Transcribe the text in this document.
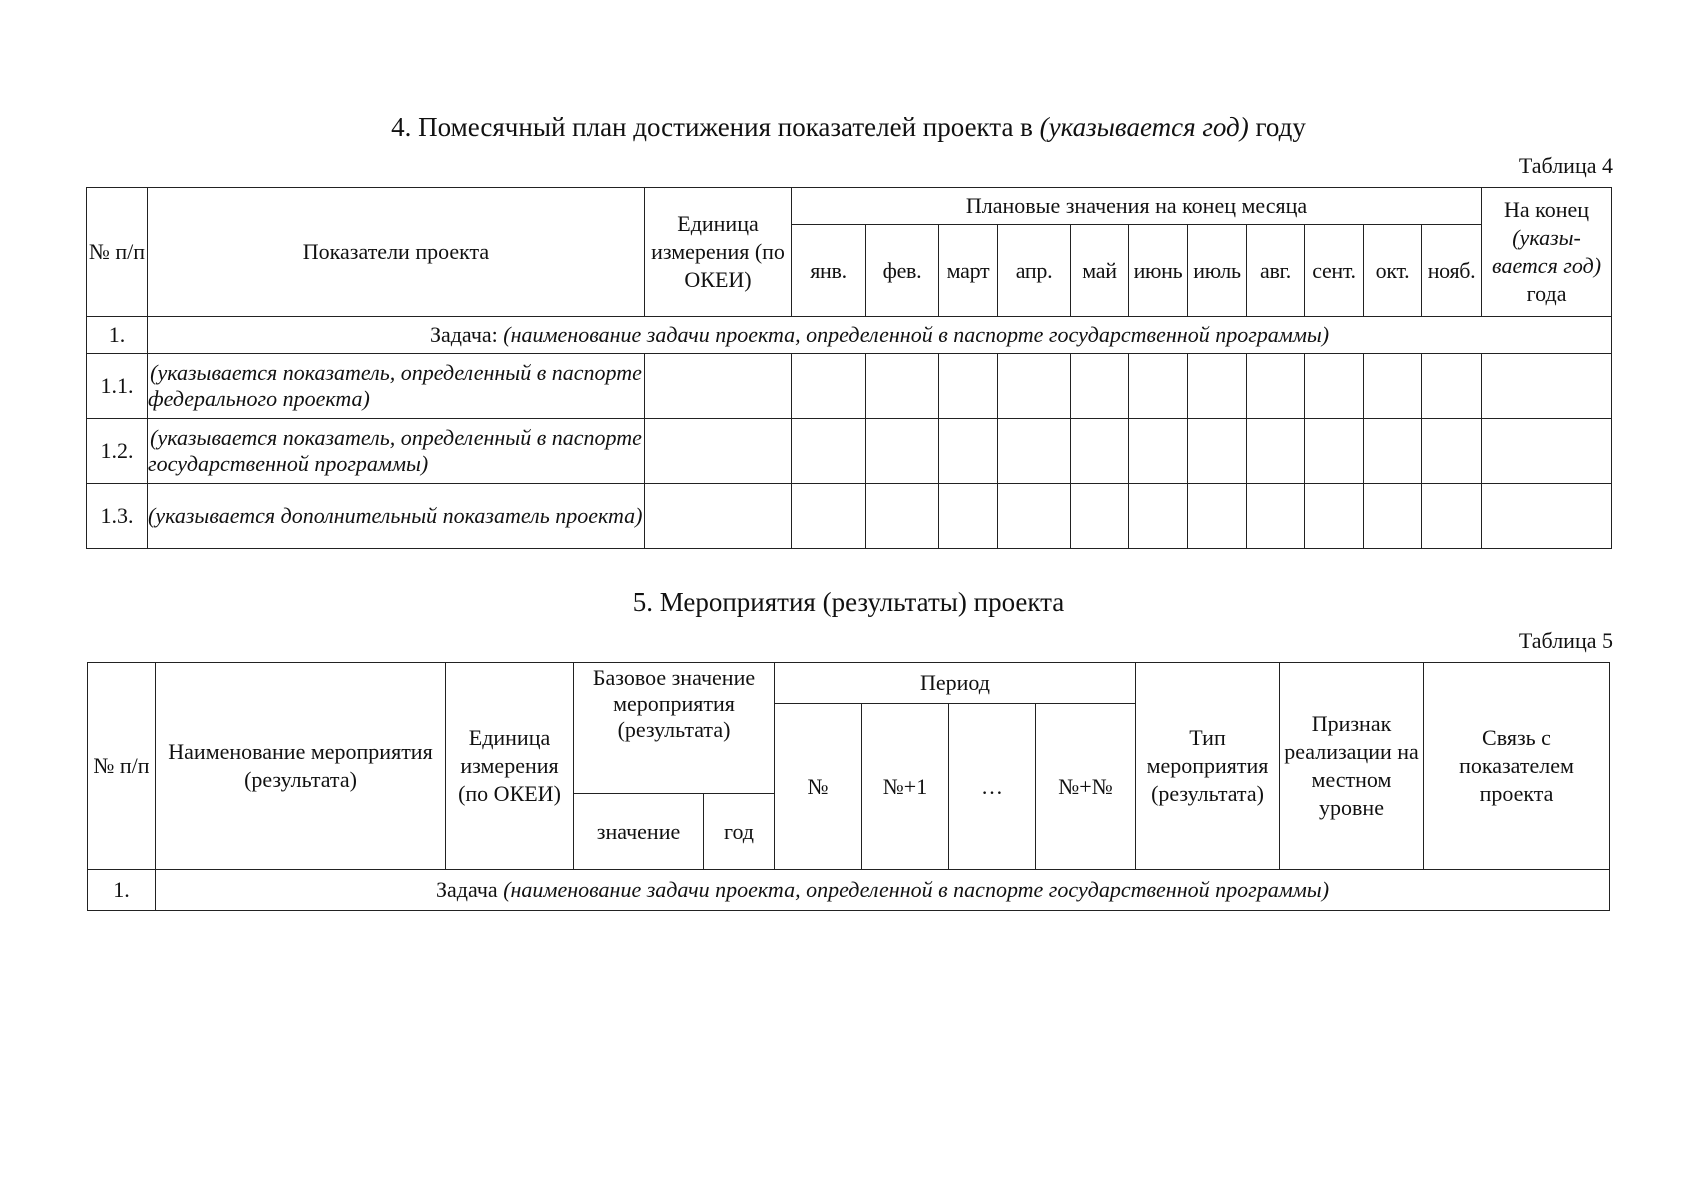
4. Помесячный план достижения показателей проекта в (указывается год) году
Таблица 4
№ п/п	Показатели проекта	Единица измерения (по ОКЕИ)	Плановые значения на конец месяца											На конец
(указы-вается год) года
			янв.	фев.	март	апр.	май	июнь	июль	авг.	сент.	окт.	нояб.	
1.	Задача: (наименование задачи проекта, определенной в паспорте государственной программы)													
1.1.	(указывается показатель, определенный в паспорте федерального проекта)													
1.2.	(указывается показатель, определенный в паспорте государственной программы)													
1.3.	(указывается дополнительный показатель проекта)													
5. Мероприятия (результаты) проекта
Таблица 5
№ п/п	Наименование мероприятия (результата)	Единица измерения (по ОКЕИ)	Базовое значение мероприятия (результата)		Период				Тип мероприятия (результата)	Признак реализации на местном уровне	Связь с показателем проекта
					№	№+1	…	№+№			
			значение	год							
1.	Задача (наименование задачи проекта, определенной в паспорте государственной программы)										
